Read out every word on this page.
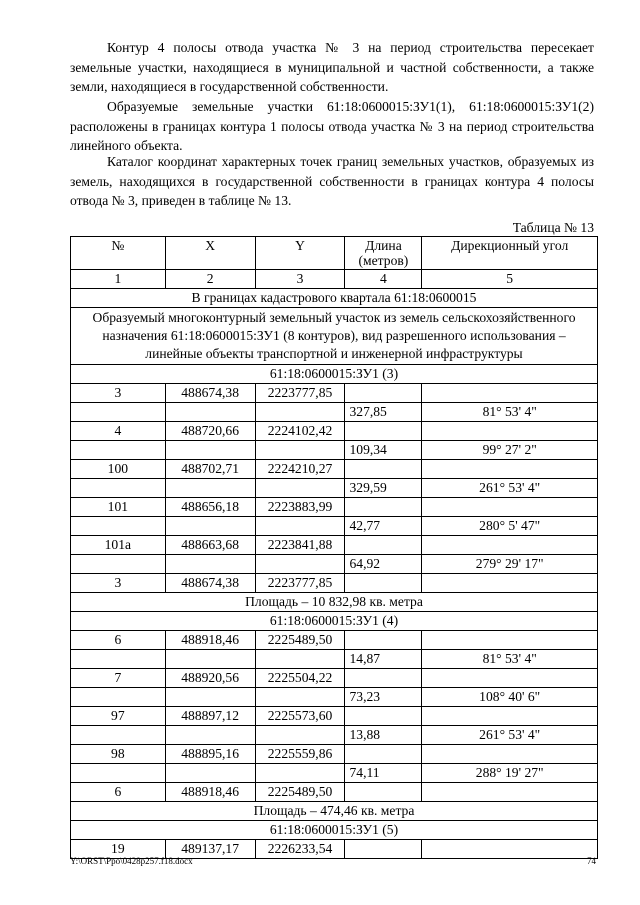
Контур 4 полосы отвода участка № 3 на период строительства пересекает земельные участки, находящиеся в муниципальной и частной собственности, а также земли, находящиеся в государственной собственности.

Образуемые земельные участки 61:18:0600015:ЗУ1(1), 61:18:0600015:ЗУ1(2) расположены в границах контура 1 полосы отвода участка № 3 на период строительства линейного объекта.

Каталог координат характерных точек границ земельных участков, образуемых из земель, находящихся в государственной собственности в границах контура 4 полосы отвода № 3, приведен в таблице № 13.

Таблица № 13
№	X	Y	Длина (метров)	Дирекционный угол
1	2	3	4	5
В границах кадастрового квартала 61:18:0600015				
Образуемый многоконтурный земельный участок из земель сельскохозяйственного назначения 61:18:0600015:ЗУ1 (8 контуров), вид разрешенного использования – линейные объекты транспортной и инженерной инфраструктуры				
61:18:0600015:ЗУ1 (3)				
3	488674,38	2223777,85		
			327,85	81° 53' 4"
4	488720,66	2224102,42		
			109,34	99° 27' 2"
100	488702,71	2224210,27		
			329,59	261° 53' 4"
101	488656,18	2223883,99		
			42,77	280° 5' 47"
101а	488663,68	2223841,88		
			64,92	279° 29' 17"
3	488674,38	2223777,85		
Площадь – 10 832,98 кв. метра				
61:18:0600015:ЗУ1 (4)				
6	488918,46	2225489,50		
			14,87	81° 53' 4"
7	488920,56	2225504,22		
			73,23	108° 40' 6"
97	488897,12	2225573,60		
			13,88	261° 53' 4"
98	488895,16	2225559,86		
			74,11	288° 19' 27"
6	488918,46	2225489,50		
Площадь – 474,46 кв. метра				
61:18:0600015:ЗУ1 (5)				
19	489137,17	2226233,54		
Y:\ORST\Ppo\0428p257.f18.docx	74
